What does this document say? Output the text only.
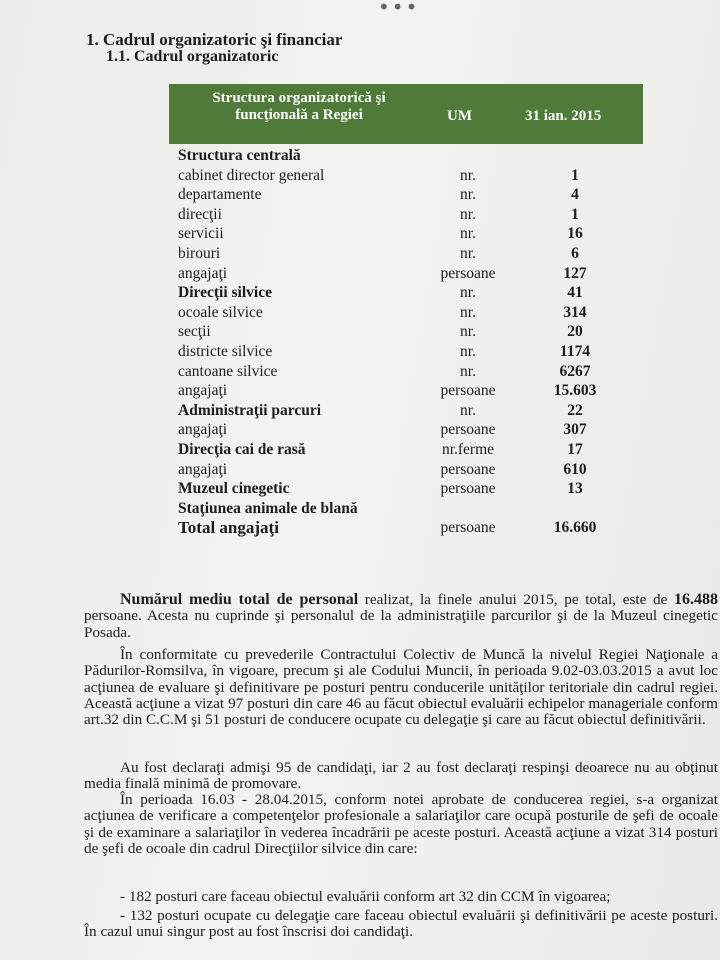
•••
1. Cadrul organizatoric şi financiar
1.1. Cadrul organizatoric
Structura organizatorică şi funcţională a Regiei	UM	31 ian. 2015
Structura centrală
cabinet director general	nr.	1
departamente	nr.	4
direcţii	nr.	1
servicii	nr.	16
birouri	nr.	6
angajaţi	persoane	127
Direcţii silvice	nr.	41
ocoale silvice	nr.	314
secţii	nr.	20
districte silvice	nr.	1174
cantoane silvice	nr.	6267
angajaţi	persoane	15.603
Administraţii parcuri	nr.	22
angajaţi	persoane	307
Direcţia cai de rasă	nr.ferme	17
angajaţi	persoane	610
Muzeul cinegetic	persoane	13
Staţiunea animale de blană
Total angajaţi	persoane	16.660
Numărul mediu total de personal realizat, la finele anului 2015, pe total, este de 16.488 persoane. Acesta nu cuprinde şi personalul de la administraţiile parcurilor şi de la Muzeul cinegetic Posada.
În conformitate cu prevederile Contractului Colectiv de Muncă la nivelul Regiei Naţionale a Pădurilor-Romsilva, în vigoare, precum şi ale Codului Muncii, în perioada 9.02-03.03.2015 a avut loc acţiunea de evaluare şi definitivare pe posturi pentru conducerile unităţilor teritoriale din cadrul regiei. Această acţiune a vizat 97 posturi din care 46 au făcut obiectul evaluării echipelor manageriale conform art.32 din C.C.M şi 51 posturi de conducere ocupate cu delegaţie şi care au făcut obiectul definitivării.
Au fost declaraţi admişi 95 de candidaţi, iar 2 au fost declaraţi respinşi deoarece nu au obţinut media finală minimă de promovare.
În perioada 16.03 - 28.04.2015, conform notei aprobate de conducerea regiei, s-a organizat acţiunea de verificare a competenţelor profesionale a salariaţilor care ocupă posturile de şefi de ocoale şi de examinare a salariaţilor în vederea încadrării pe aceste posturi. Această acţiune a vizat 314 posturi de şefi de ocoale din cadrul Direcţiilor silvice din care:
- 182 posturi care faceau obiectul evaluării conform art 32 din CCM în vigoarea;
- 132 posturi ocupate cu delegaţie care faceau obiectul evaluării şi definitivării pe aceste posturi. În cazul unui singur post au fost înscrisi doi candidaţi.
